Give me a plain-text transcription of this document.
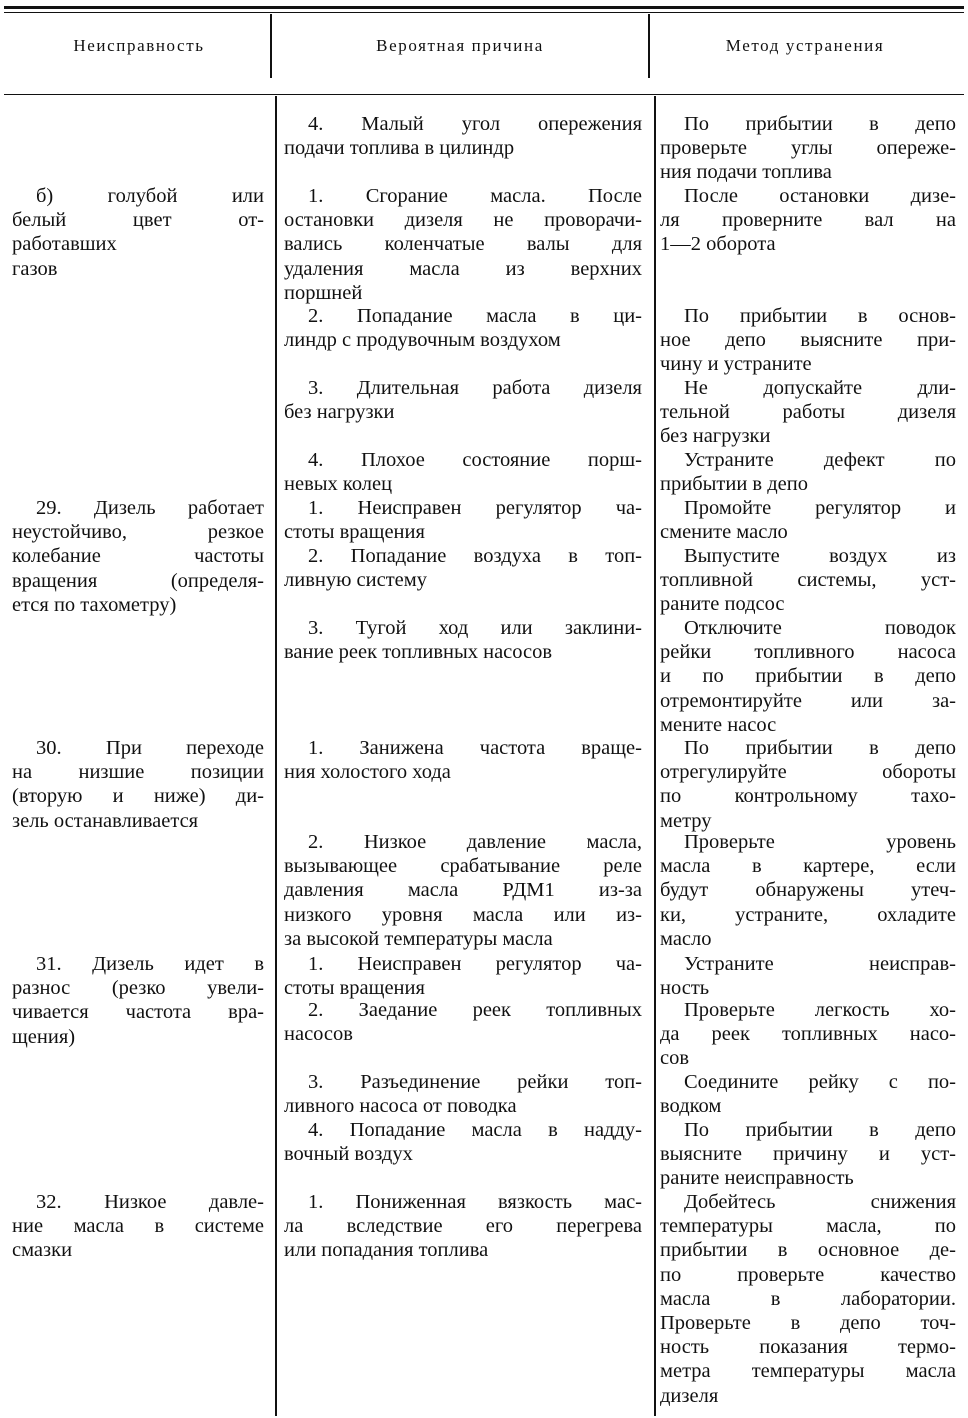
Неисправность	Вероятная причина	Метод устранения
4. Малый угол опережения
подачи топлива в цилиндр
По прибытии в депо
проверьте углы опереже-
ния подачи топлива
б) голубой или
белый цвет от-
работавших
газов
1. Сгорание масла. После
остановки дизеля не проворачи-
вались коленчатые валы для
удаления масла из верхних
поршней
После остановки дизе-
ля проверните вал на
1—2 оборота
2. Попадание масла в ци-
линдр с продувочным воздухом
По прибытии в основ-
ное депо выясните при-
чину и устраните
3. Длительная работа дизеля
без нагрузки
Не допускайте дли-
тельной работы дизеля
без нагрузки
4. Плохое состояние порш-
невых колец
Устраните дефект по
прибытии в депо
29. Дизель работает
неустойчиво, резкое
колебание частоты
вращения (определя-
ется по тахометру)
1. Неисправен регулятор ча-
стоты вращения
Промойте регулятор и
смените масло
2. Попадание воздуха в топ-
ливную систему
Выпустите воздух из
топливной системы, уст-
раните подсос
3. Тугой ход или заклини-
вание реек топливных насосов
Отключите поводок
рейки топливного насоса
и по прибытии в депо
отремонтируйте или за-
мените насос
30. При переходе
на низшие позиции
(вторую и ниже) ди-
зель останавливается
1. Занижена частота враще-
ния холостого хода
По прибытии в депо
отрегулируйте обороты
по контрольному тахо-
метру
2. Низкое давление масла,
вызывающее срабатывание реле
давления масла РДМ1 из-за
низкого уровня масла или из-
за высокой температуры масла
Проверьте уровень
масла в картере, если
будут обнаружены утеч-
ки, устраните, охладите
масло
31. Дизель идет в
разнос (резко увели-
чивается частота вра-
щения)
1. Неисправен регулятор ча-
стоты вращения
Устраните неисправ-
ность
2. Заедание реек топливных
насосов
Проверьте легкость хо-
да реек топливных насо-
сов
3. Разъединение рейки топ-
ливного насоса от поводка
Соедините рейку с по-
водком
4. Попадание масла в надду-
вочный воздух
По прибытии в депо
выясните причину и уст-
раните неисправность
32. Низкое давле-
ние масла в системе
смазки
1. Пониженная вязкость мас-
ла вследствие его перегрева
или попадания топлива
Добейтесь снижения
температуры масла, по
прибытии в основное де-
по проверьте качество
масла в лаборатории.
Проверьте в депо точ-
ность показания термо-
метра температуры масла
дизеля
